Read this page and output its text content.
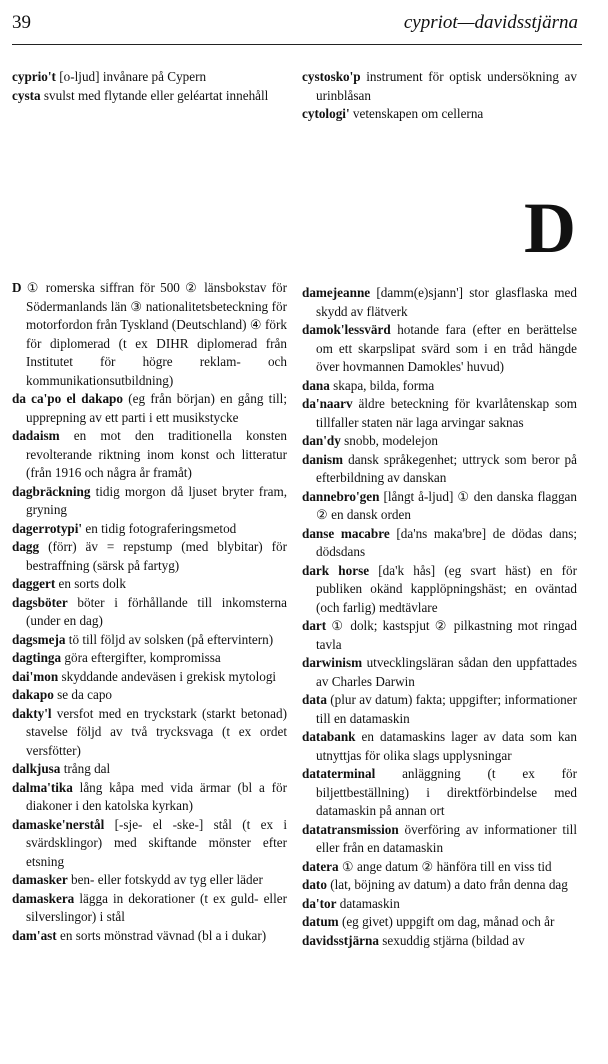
39	cypriot—davidsstjärna

cyprio't [o-ljud] invånare på Cypern

cysta svulst med flytande eller geléartat innehåll

cystosko'p instrument för optisk undersökning av urinblåsan

cytologi' vetenskapen om cellerna

D

D ① romerska siffran för 500 ② länsbokstav för Södermanlands län ③ nationalitetsbeteckning för motorfordon från Tyskland (Deutschland) ④ förk för diplomerad (t ex DIHR diplomerad från Institutet för högre reklam- och kommunikationsutbildning)

da ca'po el dakapo (eg från början) en gång till; upprepning av ett parti i ett musikstycke

dadaism en mot den traditionella konsten revolterande riktning inom konst och litteratur (från 1916 och några år framåt)

dagbräckning tidig morgon då ljuset bryter fram, gryning

dagerrotypi' en tidig fotograferingsmetod

dagg (förr) äv = repstump (med blybitar) för bestraffning (särsk på fartyg)

daggert en sorts dolk

dagsböter böter i förhållande till inkomsterna (under en dag)

dagsmeja tö till följd av solsken (på eftervintern)

dagtinga göra eftergifter, kompromissa

dai'mon skyddande andeväsen i grekisk mytologi

dakapo se da capo

dakty'l versfot med en tryckstark (starkt betonad) stavelse följd av två trycksvaga (t ex ordet versfötter)

dalkjusa trång dal

dalma'tika lång kåpa med vida ärmar (bl a för diakoner i den katolska kyrkan)

damaske'nerstål [-sje- el -ske-] stål (t ex i svärdsklingor) med skiftande mönster efter etsning

damasker ben- eller fotskydd av tyg eller läder

damaskera lägga in dekorationer (t ex guld- eller silverslingor) i stål

dam'ast en sorts mönstrad vävnad (bl a i dukar)

damejeanne [damm(e)sjann'] stor glasflaska med skydd av flätverk

damok'lessvärd hotande fara (efter en berättelse om ett skarpslipat svärd som i en tråd hängde över hovmannen Damokles' huvud)

dana skapa, bilda, forma

da'naarv äldre beteckning för kvarlåtenskap som tillfaller staten när laga arvingar saknas

dan'dy snobb, modelejon

danism dansk språkegenhet; uttryck som beror på efterbildning av danskan

dannebro'gen [långt å-ljud] ① den danska flaggan ② en dansk orden

danse macabre [da'ns maka'bre] de dödas dans; dödsdans

dark horse [da'k hås] (eg svart häst) en för publiken okänd kapplöpningshäst; en oväntad (och farlig) medtävlare

dart ① dolk; kastspjut ② pilkastning mot ringad tavla

darwinism utvecklingsläran sådan den uppfattades av Charles Darwin

data (plur av datum) fakta; uppgifter; informationer till en datamaskin

databank en datamaskins lager av data som kan utnyttjas för olika slags upplysningar

dataterminal anläggning (t ex för biljettbeställning) i direktförbindelse med datamaskin på annan ort

datatransmission överföring av informationer till eller från en datamaskin

datera ① ange datum ② hänföra till en viss tid

dato (lat, böjning av datum) a dato från denna dag

da'tor datamaskin

datum (eg givet) uppgift om dag, månad och år

davidsstjärna sexuddig stjärna (bildad av
